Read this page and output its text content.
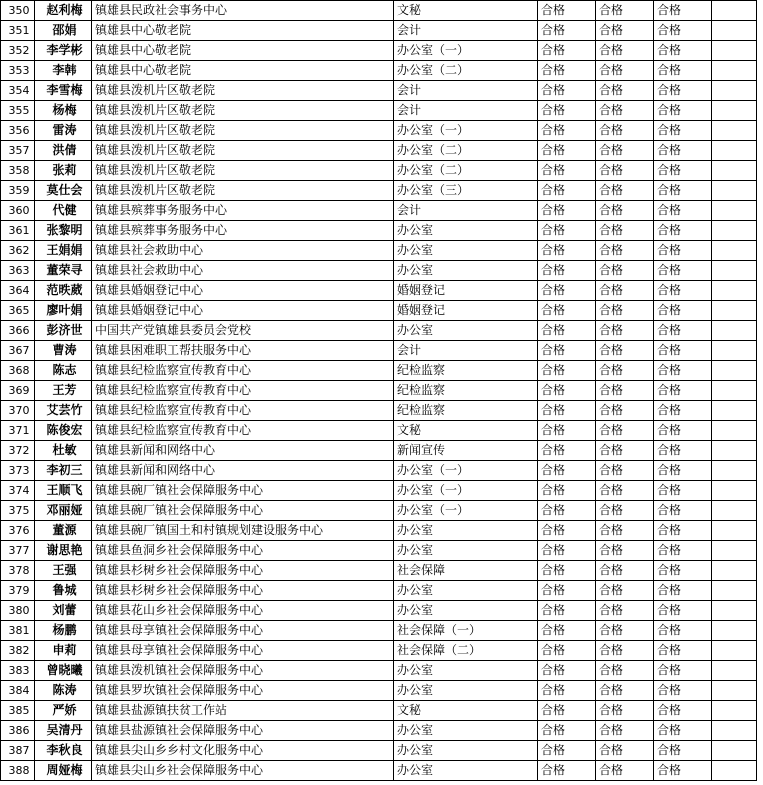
350	赵利梅	镇雄县民政社会事务中心	文秘	合格	合格	合格	
351	邵娟	镇雄县中心敬老院	会计	合格	合格	合格	
352	李学彬	镇雄县中心敬老院	办公室（一）	合格	合格	合格	
353	李韩	镇雄县中心敬老院	办公室（二）	合格	合格	合格	
354	李雪梅	镇雄县泼机片区敬老院	会计	合格	合格	合格	
355	杨梅	镇雄县泼机片区敬老院	会计	合格	合格	合格	
356	雷涛	镇雄县泼机片区敬老院	办公室（一）	合格	合格	合格	
357	洪倩	镇雄县泼机片区敬老院	办公室（二）	合格	合格	合格	
358	张莉	镇雄县泼机片区敬老院	办公室（二）	合格	合格	合格	
359	莫仕会	镇雄县泼机片区敬老院	办公室（三）	合格	合格	合格	
360	代健	镇雄县殡葬事务服务中心	会计	合格	合格	合格	
361	张黎明	镇雄县殡葬事务服务中心	办公室	合格	合格	合格	
362	王娟娟	镇雄县社会救助中心	办公室	合格	合格	合格	
363	董荣寻	镇雄县社会救助中心	办公室	合格	合格	合格	
364	范昳葳	镇雄县婚姻登记中心	婚姻登记	合格	合格	合格	
365	廖叶娟	镇雄县婚姻登记中心	婚姻登记	合格	合格	合格	
366	彭济世	中国共产党镇雄县委员会党校	办公室	合格	合格	合格	
367	曹涛	镇雄县困难职工帮扶服务中心	会计	合格	合格	合格	
368	陈志	镇雄县纪检监察宣传教育中心	纪检监察	合格	合格	合格	
369	王芳	镇雄县纪检监察宣传教育中心	纪检监察	合格	合格	合格	
370	艾芸竹	镇雄县纪检监察宣传教育中心	纪检监察	合格	合格	合格	
371	陈俊宏	镇雄县纪检监察宣传教育中心	文秘	合格	合格	合格	
372	杜敏	镇雄县新闻和网络中心	新闻宣传	合格	合格	合格	
373	李初三	镇雄县新闻和网络中心	办公室（一）	合格	合格	合格	
374	王顺飞	镇雄县碗厂镇社会保障服务中心	办公室（一）	合格	合格	合格	
375	邓丽娅	镇雄县碗厂镇社会保障服务中心	办公室（一）	合格	合格	合格	
376	董源	镇雄县碗厂镇国土和村镇规划建设服务中心	办公室	合格	合格	合格	
377	谢思艳	镇雄县鱼洞乡社会保障服务中心	办公室	合格	合格	合格	
378	王强	镇雄县杉树乡社会保障服务中心	社会保障	合格	合格	合格	
379	鲁城	镇雄县杉树乡社会保障服务中心	办公室	合格	合格	合格	
380	刘蕾	镇雄县花山乡社会保障服务中心	办公室	合格	合格	合格	
381	杨鹏	镇雄县母享镇社会保障服务中心	社会保障（一）	合格	合格	合格	
382	申莉	镇雄县母享镇社会保障服务中心	社会保障（二）	合格	合格	合格	
383	曾晓曦	镇雄县泼机镇社会保障服务中心	办公室	合格	合格	合格	
384	陈涛	镇雄县罗坎镇社会保障服务中心	办公室	合格	合格	合格	
385	严娇	镇雄县盐源镇扶贫工作站	文秘	合格	合格	合格	
386	吴清丹	镇雄县盐源镇社会保障服务中心	办公室	合格	合格	合格	
387	李秋良	镇雄县尖山乡乡村文化服务中心	办公室	合格	合格	合格	
388	周娅梅	镇雄县尖山乡社会保障服务中心	办公室	合格	合格	合格	
